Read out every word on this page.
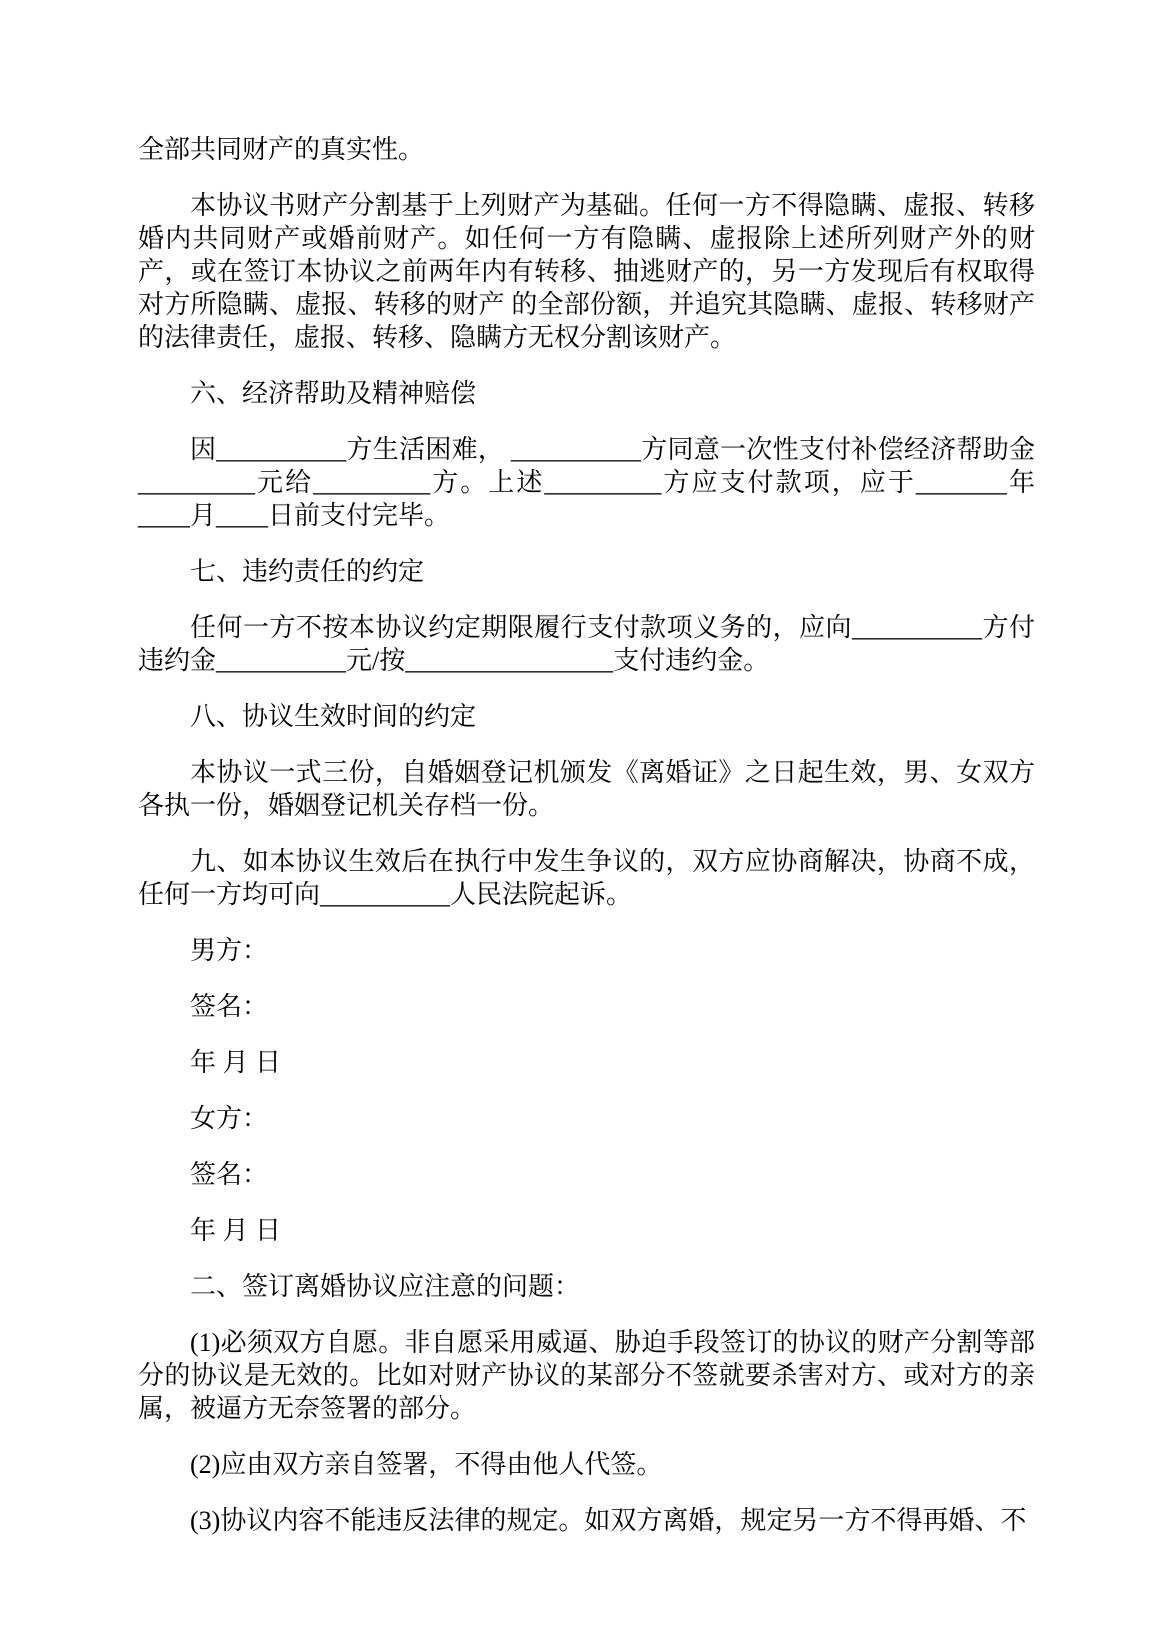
全部共同财产的真实性。
本协议书财产分割基于上列财产为基础。任何一方不得隐瞒、虚报、转移
婚内共同财产或婚前财产。如任何一方有隐瞒、虚报除上述所列财产外的财
产，或在签订本协议之前两年内有转移、抽逃财产的，另一方发现后有权取得
对方所隐瞒、虚报、转移的财产 的全部份额，并追究其隐瞒、虚报、转移财产
的法律责任，虚报、转移、隐瞒方无权分割该财产。
六、经济帮助及精神赔偿
因__________方生活困难， __________方同意一次性支付补偿经济帮助金
_________元给_________方。上述_________方应支付款项，应于_______年
____月____日前支付完毕。
七、违约责任的约定
任何一方不按本协议约定期限履行支付款项义务的，应向__________方付
违约金__________元/按________________支付违约金。
八、协议生效时间的约定
本协议一式三份，自婚姻登记机颁发《离婚证》之日起生效，男、女双方
各执一份，婚姻登记机关存档一份。
九、如本协议生效后在执行中发生争议的，双方应协商解决，协商不成，
任何一方均可向__________人民法院起诉。
男方：
签名：
年 月 日
女方：
签名：
年 月 日
二、签订离婚协议应注意的问题：
(1)必须双方自愿。非自愿采用威逼、胁迫手段签订的协议的财产分割等部
分的协议是无效的。比如对财产协议的某部分不签就要杀害对方、或对方的亲
属，被逼方无奈签署的部分。
(2)应由双方亲自签署，不得由他人代签。
(3)协议内容不能违反法律的规定。如双方离婚，规定另一方不得再婚、不
